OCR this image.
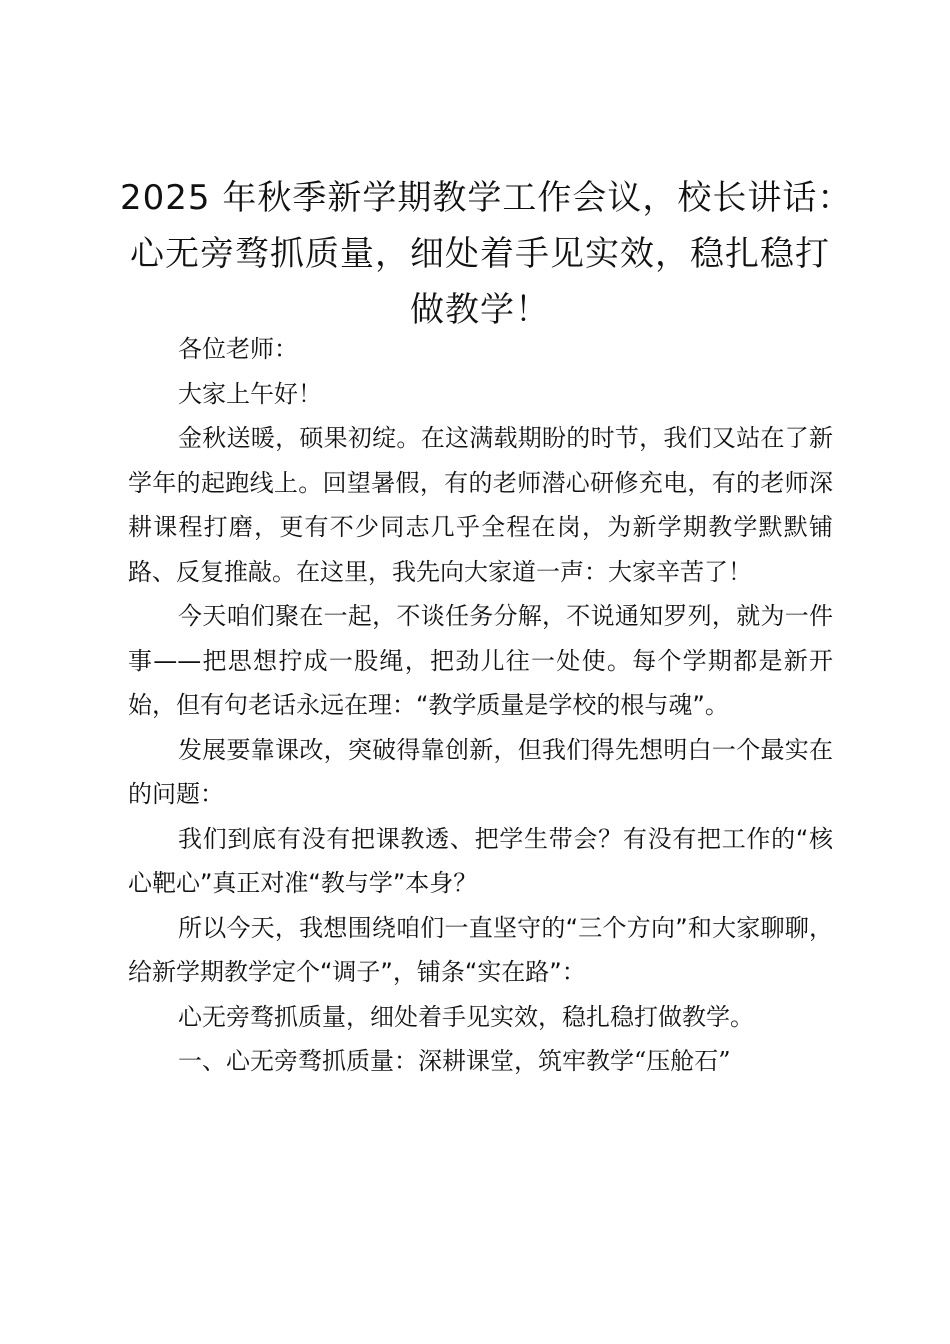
2025 年秋季新学期教学工作会议，校长讲话：
心无旁骛抓质量，细处着手见实效，稳扎稳打
做教学！

各位老师：

大家上午好！

金秋送暖，硕果初绽。在这满载期盼的时节，我们又站在了新学年的起跑线上。回望暑假，有的老师潜心研修充电，有的老师深耕课程打磨，更有不少同志几乎全程在岗，为新学期教学默默铺路、反复推敲。在这里，我先向大家道一声：大家辛苦了！

今天咱们聚在一起，不谈任务分解，不说通知罗列，就为一件事——把思想拧成一股绳，把劲儿往一处使。每个学期都是新开始，但有句老话永远在理：“教学质量是学校的根与魂”。

发展要靠课改，突破得靠创新，但我们得先想明白一个最实在的问题：

我们到底有没有把课教透、把学生带会？有没有把工作的“核心靶心”真正对准“教与学”本身？

所以今天，我想围绕咱们一直坚守的“三个方向”和大家聊聊，给新学期教学定个“调子”，铺条“实在路”：

心无旁骛抓质量，细处着手见实效，稳扎稳打做教学。

一、心无旁骛抓质量：深耕课堂，筑牢教学“压舱石”
